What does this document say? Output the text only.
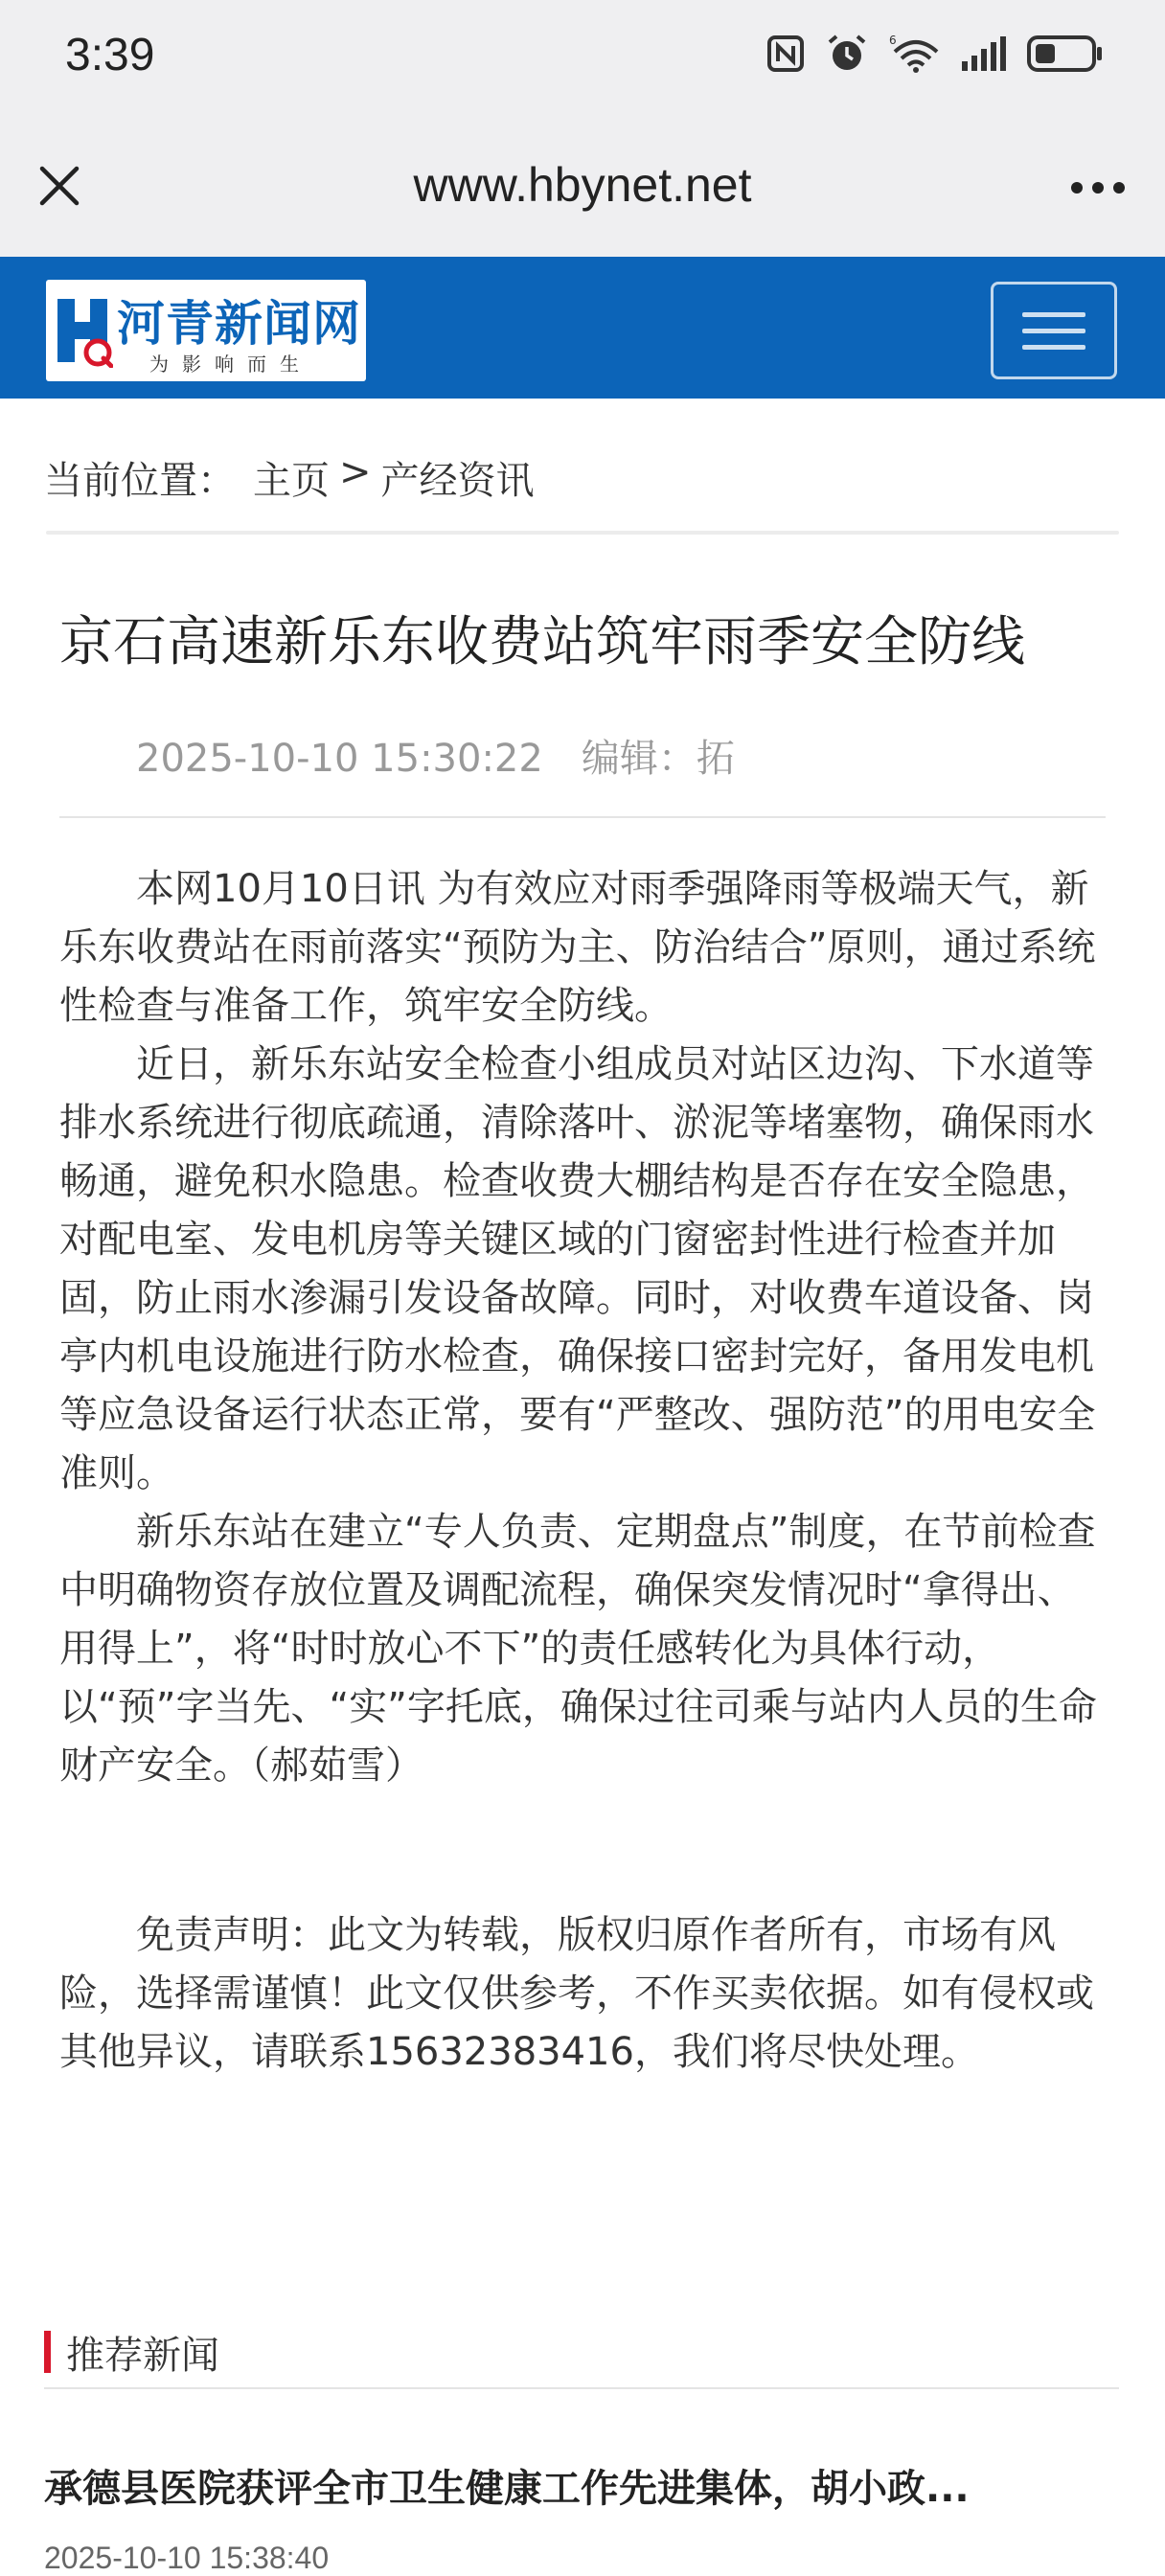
3:39	6
www.hbynet.net
河青新闻网
为影响而生
当前位置： 主页 > 产经资讯
京石高速新乐东收费站筑牢雨季安全防线
2025-10-10 15:30:22 编辑：拓

本网10月10日讯 为有效应对雨季强降雨等极端天气，新乐东收费站在雨前落实“预防为主、防治结合”原则，通过系统性检查与准备工作，筑牢安全防线。

近日，新乐东站安全检查小组成员对站区边沟、下水道等排水系统进行彻底疏通，清除落叶、淤泥等堵塞物，确保雨水畅通，避免积水隐患。检查收费大棚结构是否存在安全隐患，对配电室、发电机房等关键区域的门窗密封性进行检查并加固，防止雨水渗漏引发设备故障。同时，对收费车道设备、岗亭内机电设施进行防水检查，确保接口密封完好，备用发电机等应急设备运行状态正常，要有“严整改、强防范”的用电安全准则。

新乐东站在建立“专人负责、定期盘点”制度，在节前检查中明确物资存放位置及调配流程，确保突发情况时“拿得出、用得上”，将“时时放心不下”的责任感转化为具体行动，以“预”字当先、“实”字托底，确保过往司乘与站内人员的生命财产安全。（郝茹雪）

免责声明：此文为转载，版权归原作者所有，市场有风险，选择需谨慎！此文仅供参考，不作买卖依据。如有侵权或其他异议，请联系15632383416，我们将尽快处理。

推荐新闻
承德县医院获评全市卫生健康工作先进集体，胡小政...
2025-10-10 15:38:40
